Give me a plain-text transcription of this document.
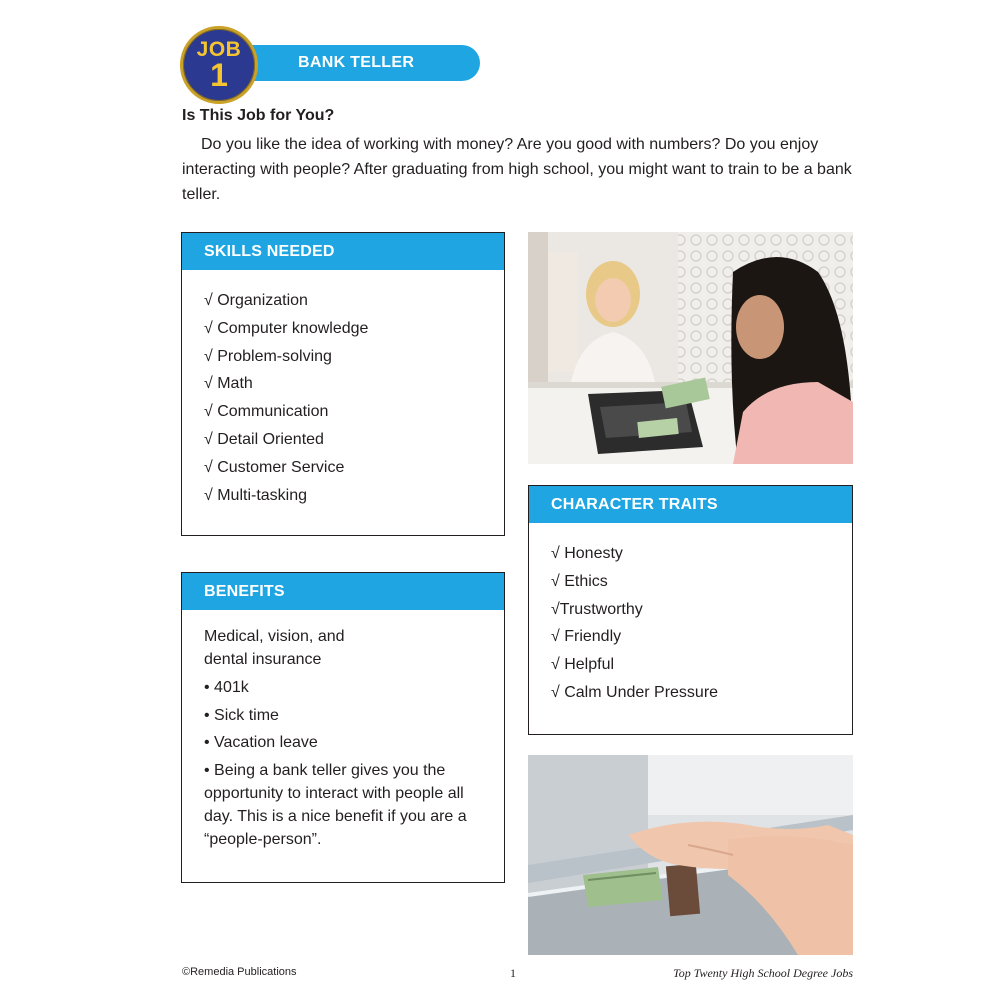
BANK TELLER
JOB
1
Is This Job for You?
Do you like the idea of working with money? Are you good with numbers? Do you enjoy interacting with people? After graduating from high school, you might want to train to be a bank teller.
SKILLS NEEDED
√ Organization
√ Computer knowledge
√ Problem-solving
√ Math
√ Communication
√ Detail Oriented
√ Customer Service
√ Multi-tasking
CHARACTER TRAITS
√ Honesty
√ Ethics
√Trustworthy
√ Friendly
√ Helpful
√ Calm Under Pressure
BENEFITS

Medical, vision, and dental insurance

• 401k

• Sick time

• Vacation leave

• Being a bank teller gives you the opportunity to interact with people all day. This is a nice benefit if you are a “people-person”.

©Remedia Publications	1	Top Twenty High School Degree Jobs
